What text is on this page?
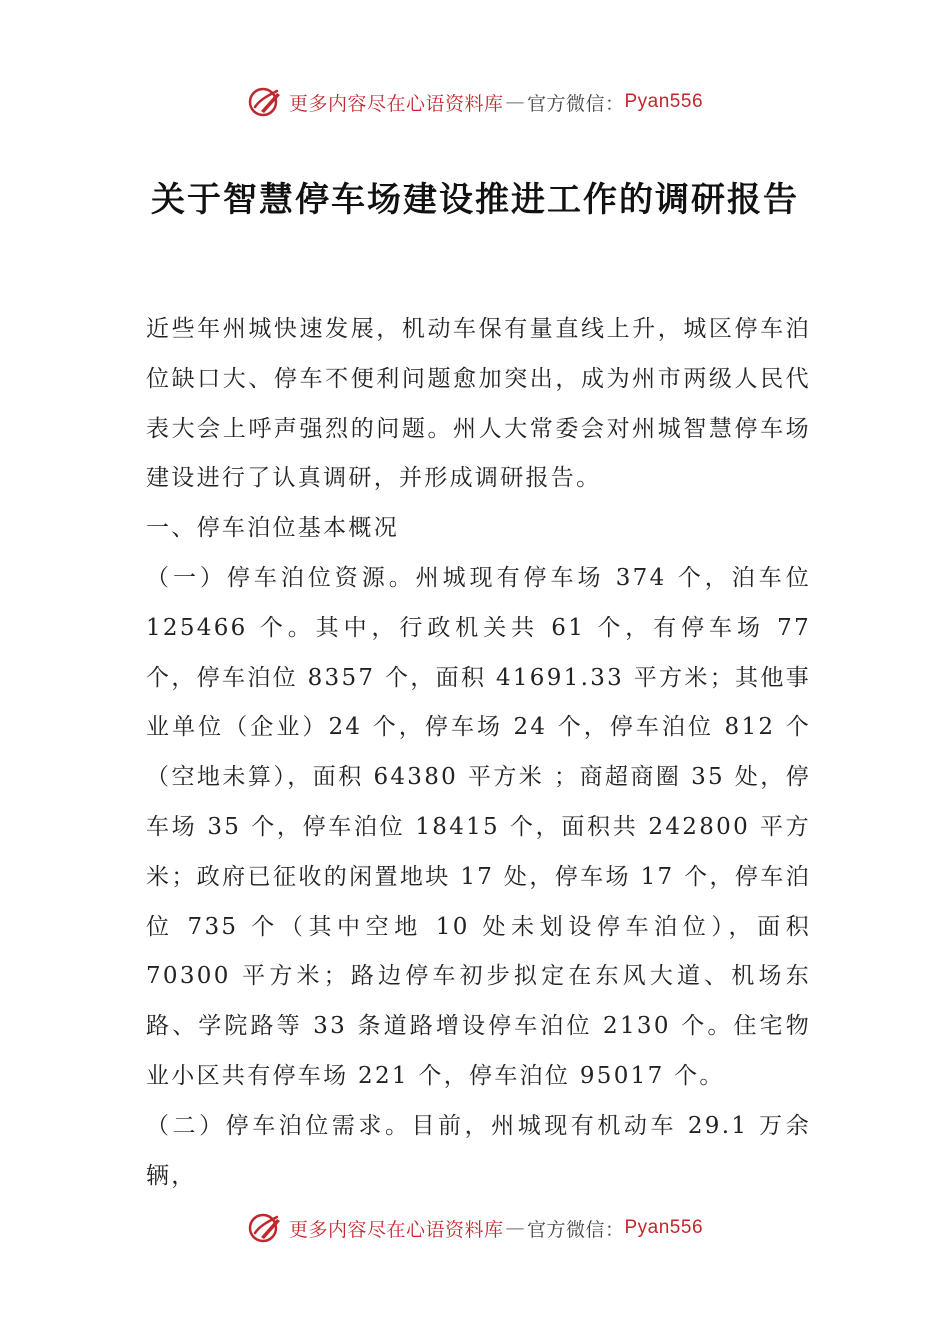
更多内容尽在心语资料库 — 官方微信： Pyan556
关于智慧停车场建设推进工作的调研报告

近些年州城快速发展，机动车保有量直线上升，城区停车泊位缺口大、停车不便利问题愈加突出，成为州市两级人民代表大会上呼声强烈的问题。州人大常委会对州城智慧停车场建设进行了认真调研，并形成调研报告。

一、停车泊位基本概况

（一）停车泊位资源。州城现有停车场 374 个，泊车位 125466 个。其中，行政机关共 61 个，有停车场 77 个，停车泊位 8357 个，面积 41691.33 平方米；其他事业单位（企业）24 个，停车场 24 个，停车泊位 812 个（空地未算），面积 64380 平方米 ；商超商圈 35 处，停车场 35 个，停车泊位 18415 个，面积共 242800 平方米；政府已征收的闲置地块 17 处，停车场 17 个，停车泊位 735 个（其中空地 10 处未划设停车泊位），面积 70300 平方米；路边停车初步拟定在东风大道、机场东路、学院路等 33 条道路增设停车泊位 2130 个。住宅物业小区共有停车场 221 个，停车泊位 95017 个。

（二）停车泊位需求。目前，州城现有机动车 29.1 万余辆，

更多内容尽在心语资料库 — 官方微信： Pyan556
